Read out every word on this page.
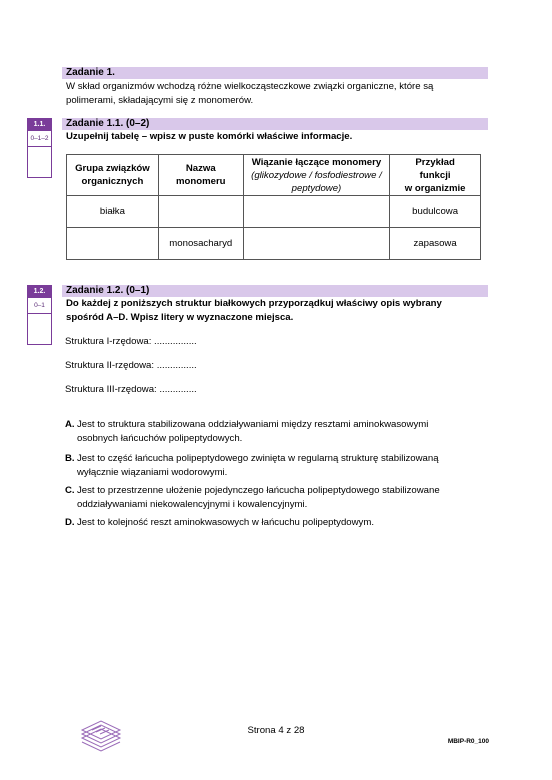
Zadanie 1.
W skład organizmów wchodzą różne wielkocząsteczkowe związki organiczne, które są
polimerami, składającymi się z monomerów.
1.1.
0–1–2
Zadanie 1.1. (0–2)
Uzupełnij tabelę – wpisz w puste komórki właściwe informacje.
Grupa związków
organicznych	Nazwa
monomeru	Wiązanie łączące monomery
(glikozydowe / fosfodiestrowe /
peptydowe)	Przykład
funkcji
w organizmie
białka			budulcowa
	monosacharyd		zapasowa
1.2.
0–1
Zadanie 1.2. (0–1)
Do każdej z poniższych struktur białkowych przyporządkuj właściwy opis wybrany
spośród A–D. Wpisz litery w wyznaczone miejsca.
Struktura I-rzędowa: ................
Struktura II-rzędowa: ...............
Struktura III-rzędowa: ..............
A. Jest to struktura stabilizowana oddziaływaniami między resztami aminokwasowymi
osobnych łańcuchów polipeptydowych.
B. Jest to część łańcucha polipeptydowego zwinięta w regularną strukturę stabilizowaną
wyłącznie wiązaniami wodorowymi.
C. Jest to przestrzenne ułożenie pojedynczego łańcucha polipeptydowego stabilizowane
oddziaływaniami niekowalencyjnymi i kowalencyjnymi.
D. Jest to kolejność reszt aminokwasowych w łańcuchu polipeptydowym.
Strona 4 z 28
MBIP-R0_100
